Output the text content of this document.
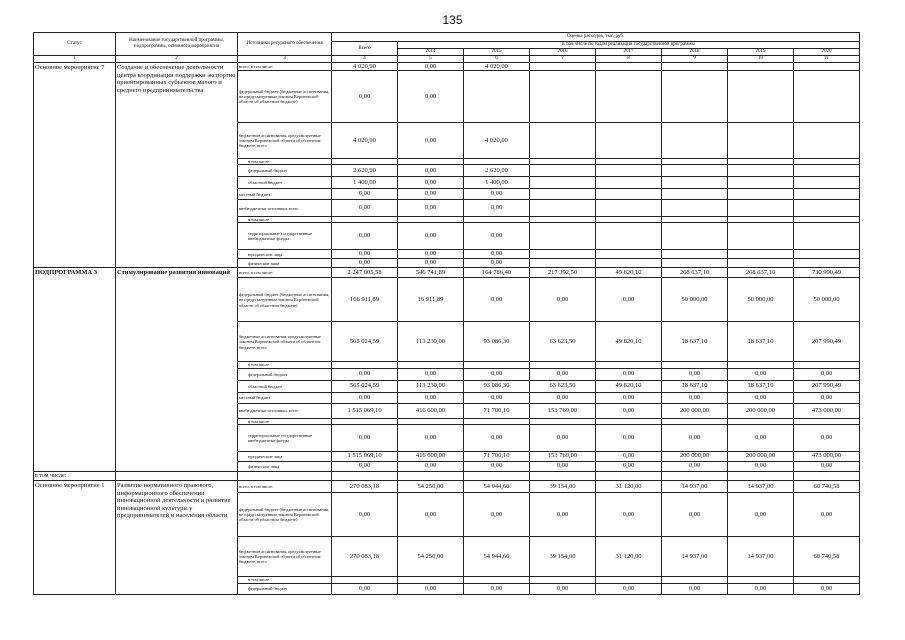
135
Статус	Наименование государственной программы, подпрограммы, основного мероприятия	Источники ресурсного обеспечения	Оценка расходов, тыс. руб.							
			Всего	в том числе по годам реализации государственной программы						
				2014	2015	2016	2017	2018	2019	2020
1	2	3	4	5	6	7	8	9	10	11
Основное мероприятие 7	Создание и обеспечение деятельности центра координации поддержки экспортно ориентированных субъектов малого и среднего предпринимательства	всего, в том числе:	4 020,00	0,00	4 020,00					
		федеральный бюджет (бюджетные ассигнования, не предусмотренные законом Воронежской области об областном бюджете)	0,00	0,00						
		бюджетные ассигнования, предусмотренные законом Воронежской области об областном бюджете, всего	4 020,00	0,00	4 020,00					
		в том числе:								
		федеральный бюджет	2 620,00	0,00	2 620,00					
		областной бюджет	1 400,00	0,00	1 400,00					
		местный бюджет	0,00	0,00	0,00					
		внебюджетные источники, всего	0,00	0,00	0,00					
		в том числе:								
		территориальные государственные внебюджетные фонды	0,00	0,00	0,00					
		юридические лица	0,00	0,00	0,00					
		физические лица	0,00	0,00	0,00					
ПОДПРОГРАММА 3	Стимулирование развития инноваций	всего, в том числе:	2 247 005,58	546 741,89	164 786,40	217 392,50	49 820,10	268 637,10	268 637,10	730 990,49
		федеральный бюджет (бюджетные ассигнования, не предусмотренные законом Воронежской области об областном бюджете)	166 911,89	16 911,89	0,00	0,00	0,00	50 000,00	50 000,00	50 000,00
		бюджетные ассигнования, предусмотренные законом Воронежской области об областном бюджете, всего	565 024,59	113 230,00	93 086,30	63 623,50	49 820,10	18 637,10	18 637,10	207 990,49
		в том числе:								
		федеральный бюджет	0,00	0,00	0,00	0,00	0,00	0,00	0,00	0,00
		областной бюджет	565 024,59	113 230,00	93 086,30	63 623,50	49 820,10	18 637,10	18 637,10	207 990,49
		местный бюджет	0,00	0,00	0,00	0,00	0,00	0,00	0,00	0,00
		внебюджетные источники, всего	1 515 069,10	416 600,00	71 700,10	153 769,00	0,00	200 000,00	200 000,00	473 000,00
		в том числе:								
		территориальные государственные внебюджетные фонды	0,00	0,00	0,00	0,00	0,00	0,00	0,00	0,00
		юридические лица	1 515 069,10	416 600,00	71 700,10	153 769,00	0,00	200 000,00	200 000,00	473 000,00
		физические лица	0,00	0,00	0,00	0,00	0,00	0,00	0,00	0,00
в том числе:										
Основное мероприятие 1	Развитие нормативного правового, информационного обеспечения инновационной деятельности и развитие инновационной культуры у предпринимателей и населения области	всего, в том числе:	270 083,18	54 250,00	54 944,60	39 154,00	31 120,00	14 937,00	14 937,00	60 740,58
		федеральный бюджет (бюджетные ассигнования, не предусмотренные законом Воронежской области об областном бюджете)	0,00	0,00	0,00	0,00	0,00	0,00	0,00	0,00
		бюджетные ассигнования, предусмотренные законом Воронежской области об областном бюджете, всего	270 083,18	54 250,00	54 944,60	39 154,00	31 120,00	14 937,00	14 937,00	60 740,58
		в том числе:								
		федеральный бюджет	0,00	0,00	0,00	0,00	0,00	0,00	0,00	0,00
